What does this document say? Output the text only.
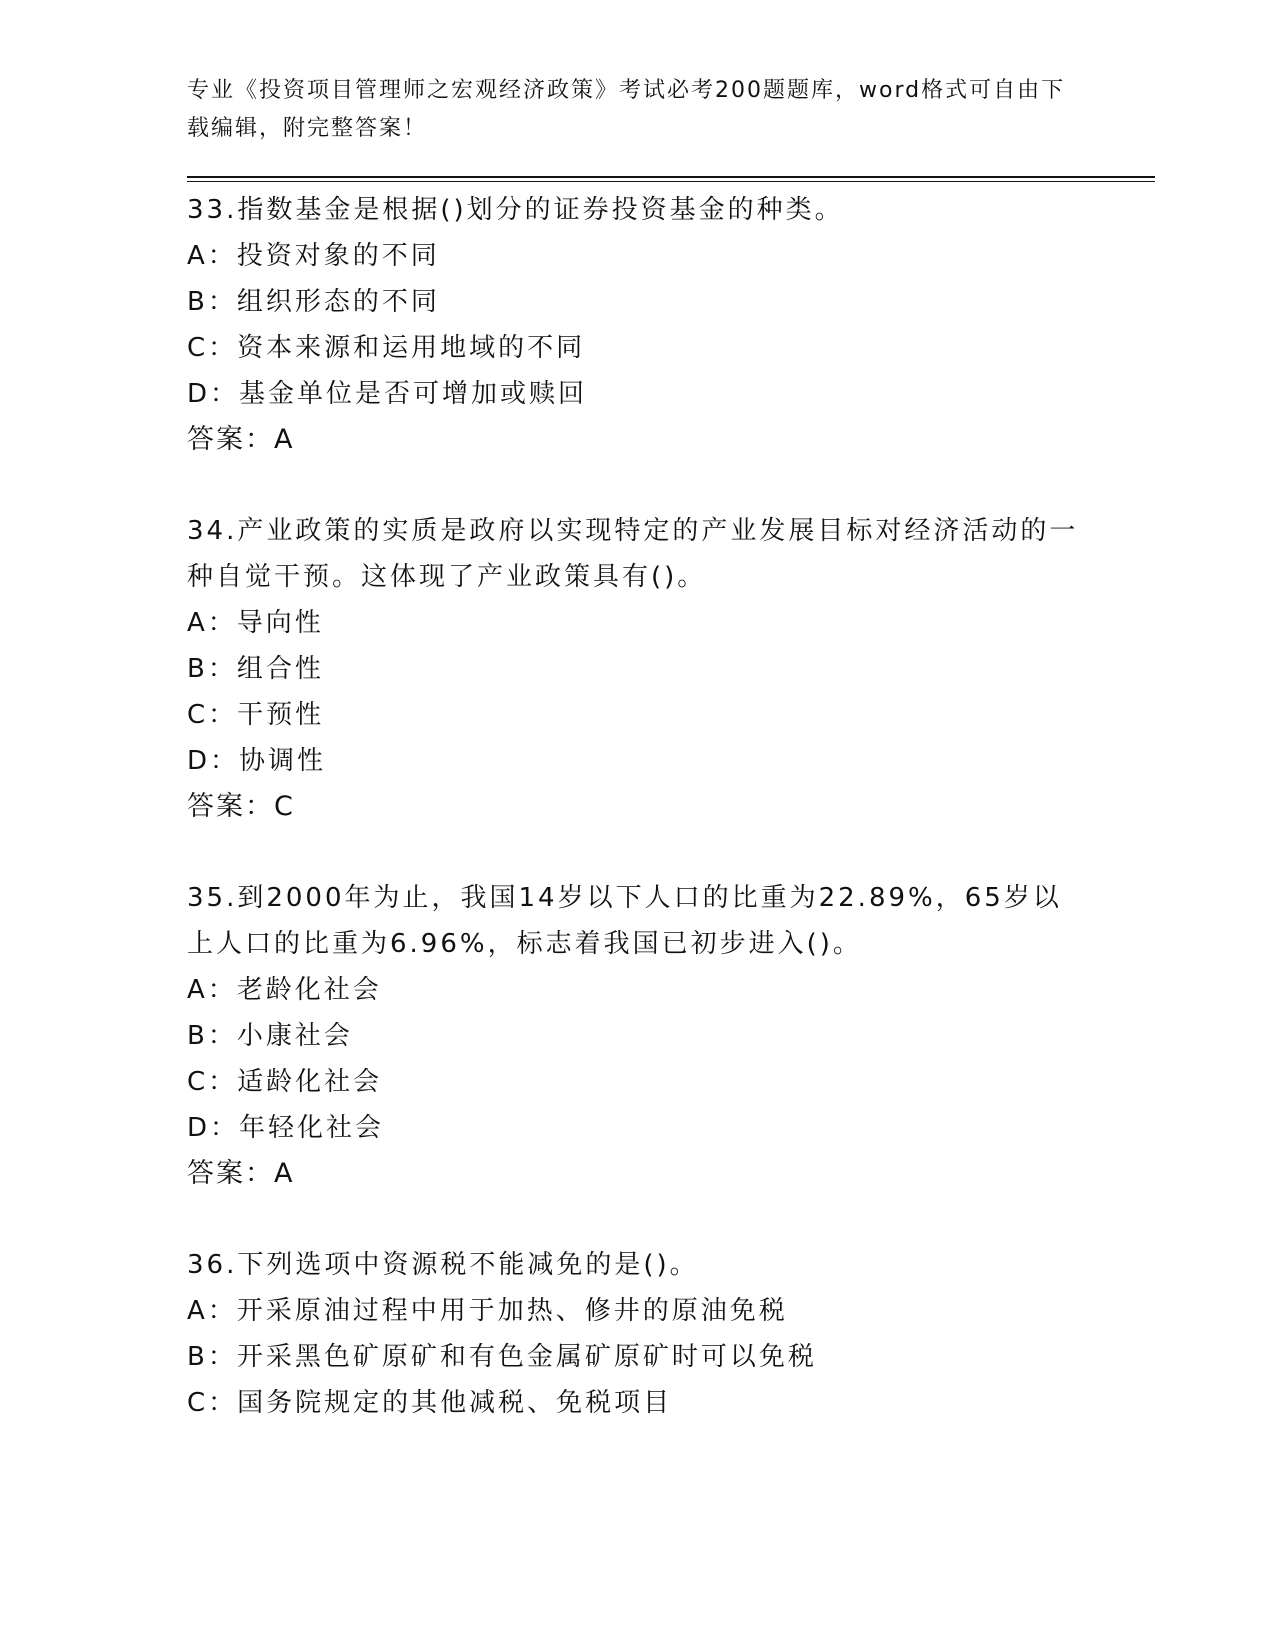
专业《投资项目管理师之宏观经济政策》考试必考200题题库，word格式可自由下载编辑，附完整答案！
33.指数基金是根据()划分的证券投资基金的种类。
A：投资对象的不同
B：组织形态的不同
C：资本来源和运用地域的不同
D：基金单位是否可增加或赎回
答案：A
34.产业政策的实质是政府以实现特定的产业发展目标对经济活动的一种自觉干预。这体现了产业政策具有()。
A：导向性
B：组合性
C：干预性
D：协调性
答案：C
35.到2000年为止，我国14岁以下人口的比重为22.89%，65岁以上人口的比重为6.96%，标志着我国已初步进入()。
A：老龄化社会
B：小康社会
C：适龄化社会
D：年轻化社会
答案：A
36.下列选项中资源税不能减免的是()。
A：开采原油过程中用于加热、修井的原油免税
B：开采黑色矿原矿和有色金属矿原矿时可以免税
C：国务院规定的其他减税、免税项目
